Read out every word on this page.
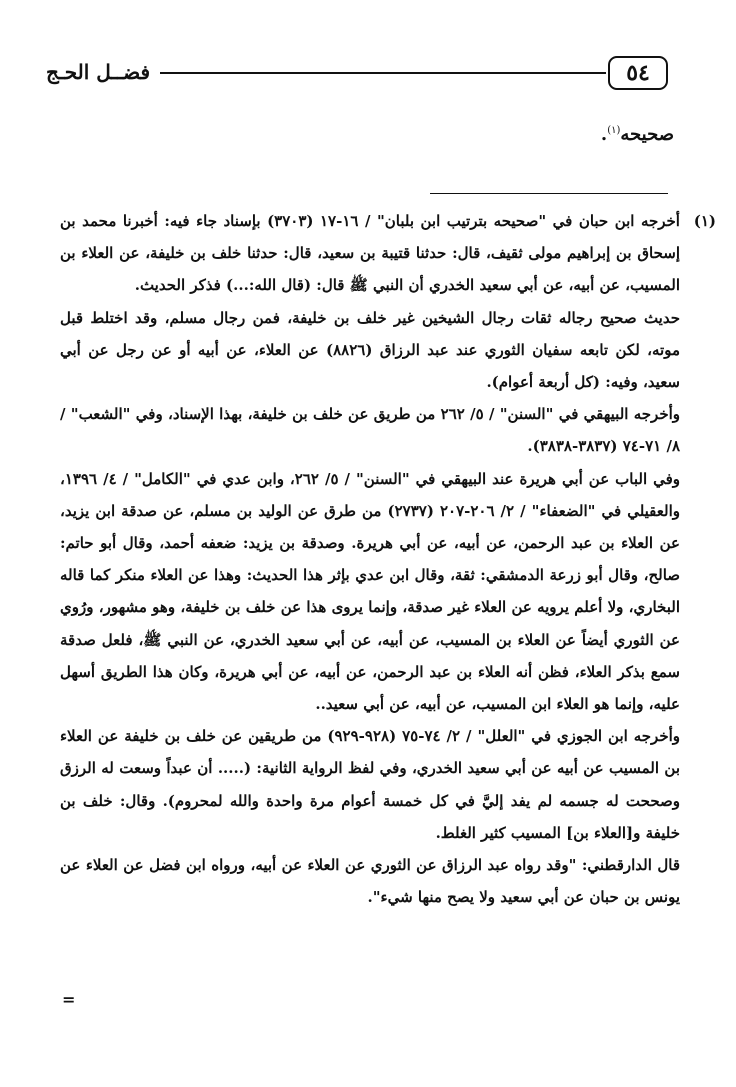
٥٤
فضــل الحـج
صحيحه$^{(١)}$.
(١)

أخرجه ابن حبان في "صحيحه بترتيب ابن بلبان" / ١٦-١٧ (٣٧٠٣) بإسناد جاء فيه: أخبرنا محمد بن إسحاق بن إبراهيم مولى ثقيف، قال: حدثنا قتيبة بن سعيد، قال: حدثنا خلف بن خليفة، عن العلاء بن المسيب، عن أبيه، عن أبي سعيد الخدري أن النبي ﷺ قال: (قال الله:...) فذكر الحديث.

حديث صحيح رجاله ثقات رجال الشيخين غير خلف بن خليفة، فمن رجال مسلم، وقد اختلط قبل موته، لكن تابعه سفيان الثوري عند عبد الرزاق (٨٨٢٦) عن العلاء، عن أبيه أو عن رجل عن أبي سعيد، وفيه: (كل أربعة أعوام).

وأخرجه البيهقي في "السنن" / ٥/ ٢٦٢ من طريق عن خلف بن خليفة، بهذا الإسناد، وفي "الشعب" / ٨/ ٧١-٧٤ (٣٨٣٧-٣٨٣٨).

وفي الباب عن أبي هريرة عند البيهقي في "السنن" / ٥/ ٢٦٢، وابن عدي في "الكامل" / ٤/ ١٣٩٦، والعقيلي في "الضعفاء" / ٢/ ٢٠٦-٢٠٧ (٢٧٣٧) من طرق عن الوليد بن مسلم، عن صدقة ابن يزيد، عن العلاء بن عبد الرحمن، عن أبيه، عن أبي هريرة. وصدقة بن يزيد: ضعفه أحمد، وقال أبو حاتم: صالح، وقال أبو زرعة الدمشقي: ثقة، وقال ابن عدي بإثر هذا الحديث: وهذا عن العلاء منكر كما قاله البخاري، ولا أعلم يرويه عن العلاء غير صدقة، وإنما يروى هذا عن خلف بن خليفة، وهو مشهور، ورُوي عن الثوري أيضاً عن العلاء بن المسيب، عن أبيه، عن أبي سعيد الخدري، عن النبي ﷺ، فلعل صدقة سمع بذكر العلاء، فظن أنه العلاء بن عبد الرحمن، عن أبيه، عن أبي هريرة، وكان هذا الطريق أسهل عليه، وإنما هو العلاء ابن المسيب، عن أبيه، عن أبي سعيد..

وأخرجه ابن الجوزي في "العلل" / ٢/ ٧٤-٧٥ (٩٢٨-٩٢٩) من طريقين عن خلف بن خليفة عن العلاء بن المسيب عن أبيه عن أبي سعيد الخدري، وفي لفظ الرواية الثانية: (..... أن عبداً وسعت له الرزق وصححت له جسمه لم يفد إليَّ في كل خمسة أعوام مرة واحدة والله لمحروم). وقال: خلف بن خليفة و[العلاء بن] المسيب كثير الغلط.

قال الدارقطني: "وقد رواه عبد الرزاق عن الثوري عن العلاء عن أبيه، ورواه ابن فضل عن العلاء عن يونس بن حبان عن أبي سعيد ولا يصح منها شيء".

=
